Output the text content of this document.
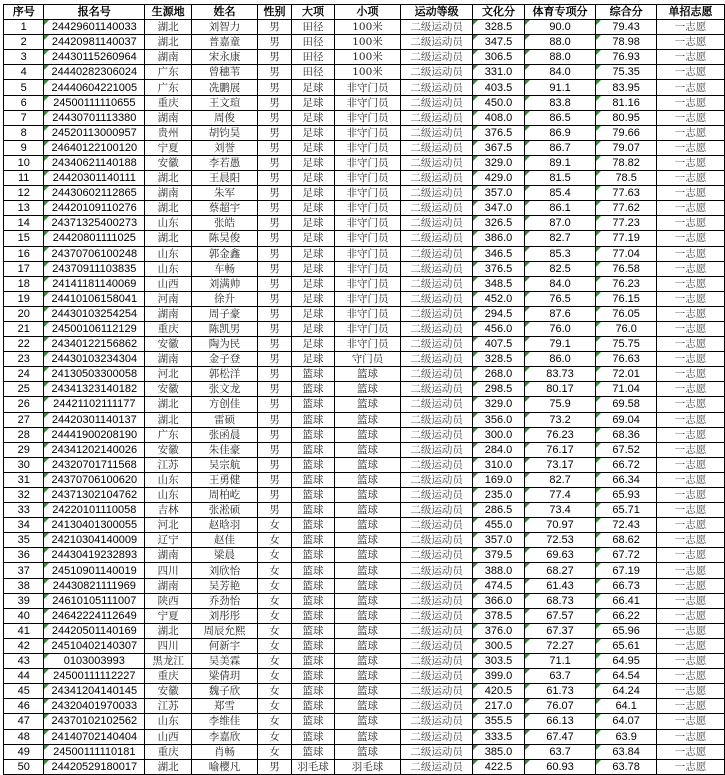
序号	报名号	生源地	姓名	性别	大项	小项	运动等级	文化分	体育专项分	综合分	单招志愿
1	24429601140033	湖北	刘智力	男	田径	100米	二级运动员	328.5	90.0	79.43	一志愿
2	24420981140037	湖北	普嘉童	男	田径	100米	二级运动员	347.5	88.0	78.98	一志愿
3	24430115260964	湖南	宋永康	男	田径	100米	二级运动员	306.5	88.0	76.93	一志愿
4	24440282306024	广东	曾穗苇	男	田径	100米	二级运动员	331.0	84.0	75.35	一志愿
5	24440604221005	广东	冼鹏展	男	足球	非守门员	二级运动员	403.5	91.1	83.95	一志愿
6	24500111110655	重庆	王文瑄	男	足球	非守门员	二级运动员	450.0	83.8	81.16	一志愿
7	24430701113380	湖南	周俊	男	足球	非守门员	二级运动员	408.0	86.5	80.95	一志愿
8	24520113000957	贵州	胡钧昊	男	足球	非守门员	二级运动员	376.5	86.9	79.66	一志愿
9	24640122100120	宁夏	刘誉	男	足球	非守门员	二级运动员	367.5	86.7	79.07	一志愿
10	24340621140188	安徽	李若愚	男	足球	非守门员	二级运动员	329.0	89.1	78.82	一志愿
11	24420301140111	湖北	王晨阳	男	足球	非守门员	二级运动员	429.0	81.5	78.5	一志愿
12	24430602112865	湖南	朱军	男	足球	非守门员	二级运动员	357.0	85.4	77.63	一志愿
13	24420109110276	湖北	蔡超宇	男	足球	非守门员	二级运动员	347.0	86.1	77.62	一志愿
14	24371325400273	山东	张皓	男	足球	非守门员	二级运动员	326.5	87.0	77.23	一志愿
15	24420801111025	湖北	陈昊俊	男	足球	非守门员	二级运动员	386.0	82.7	77.19	一志愿
16	24370706100248	山东	郭金鑫	男	足球	非守门员	二级运动员	346.5	85.3	77.04	一志愿
17	24370911103835	山东	车畅	男	足球	非守门员	二级运动员	376.5	82.5	76.58	一志愿
18	24141181140069	山西	刘满帅	男	足球	非守门员	二级运动员	348.5	84.0	76.23	一志愿
19	24410106158041	河南	徐升	男	足球	非守门员	二级运动员	452.0	76.5	76.15	一志愿
20	24430103254254	湖南	周子豪	男	足球	非守门员	二级运动员	294.5	87.6	76.05	一志愿
21	24500106112129	重庆	陈凯男	男	足球	非守门员	二级运动员	456.0	76.0	76.0	一志愿
22	24340122156862	安徽	陶为民	男	足球	非守门员	二级运动员	407.5	79.1	75.75	一志愿
23	24430103234304	湖南	金子登	男	足球	守门员	二级运动员	328.5	86.0	76.63	一志愿
24	24130503300058	河北	郭松洋	男	篮球	篮球	二级运动员	268.0	83.73	72.01	一志愿
25	24341323140182	安徽	张文龙	男	篮球	篮球	二级运动员	298.5	80.17	71.04	一志愿
26	24421102111177	湖北	方创佳	男	篮球	篮球	二级运动员	329.0	75.9	69.58	一志愿
27	24420301140137	湖北	雷硕	男	篮球	篮球	二级运动员	356.0	73.2	69.04	一志愿
28	24441900208190	广东	张函晨	男	篮球	篮球	二级运动员	300.0	76.23	68.36	一志愿
29	24341202140026	安徽	朱佳豪	男	篮球	篮球	二级运动员	284.0	76.17	67.52	一志愿
30	24320701711568	江苏	吴宗航	男	篮球	篮球	二级运动员	310.0	73.17	66.72	一志愿
31	24370706100620	山东	王勇健	男	篮球	篮球	二级运动员	169.0	82.7	66.34	一志愿
32	24371302104762	山东	周柏屹	男	篮球	篮球	二级运动员	235.0	77.4	65.93	一志愿
33	24220101110058	吉林	张淞硕	男	篮球	篮球	二级运动员	286.5	73.4	65.71	一志愿
34	24130401300055	河北	赵晗羽	女	篮球	篮球	二级运动员	455.0	70.97	72.43	一志愿
35	24210304140009	辽宁	赵佳	女	篮球	篮球	二级运动员	357.0	72.53	68.62	一志愿
36	24430419232893	湖南	梁晨	女	篮球	篮球	二级运动员	379.5	69.63	67.72	一志愿
37	24510901140019	四川	刘欣怡	女	篮球	篮球	二级运动员	388.0	68.27	67.19	一志愿
38	24430821111969	湖南	吴芳艳	女	篮球	篮球	二级运动员	474.5	61.43	66.73	一志愿
39	24610105111007	陕西	乔劲怡	女	篮球	篮球	二级运动员	366.0	68.73	66.41	一志愿
40	24642224112649	宁夏	刘彤彤	女	篮球	篮球	二级运动员	378.5	67.57	66.22	一志愿
41	24420501140169	湖北	周辰允熙	女	篮球	篮球	二级运动员	376.0	67.37	65.96	一志愿
42	24510402140307	四川	何新宇	女	篮球	篮球	二级运动员	300.5	72.27	65.61	一志愿
43	0103003993	黑龙江	吴美霖	女	篮球	篮球	二级运动员	303.5	71.1	64.95	一志愿
44	24500111112227	重庆	梁倩玥	女	篮球	篮球	二级运动员	399.0	63.7	64.54	一志愿
45	24341204140145	安徽	魏子欣	女	篮球	篮球	二级运动员	420.5	61.73	64.24	一志愿
46	24320401970033	江苏	郑雪	女	篮球	篮球	二级运动员	217.0	76.07	64.1	一志愿
47	24370102102562	山东	李维佳	女	篮球	篮球	二级运动员	355.5	66.13	64.07	一志愿
48	24140702140404	山西	李嘉欣	女	篮球	篮球	二级运动员	333.5	67.47	63.9	一志愿
49	24500111110181	重庆	肖畅	女	篮球	篮球	二级运动员	385.0	63.7	63.84	一志愿
50	24420529180017	湖北	喻樱凡	男	羽毛球	羽毛球	二级运动员	422.5	60.93	63.78	一志愿
